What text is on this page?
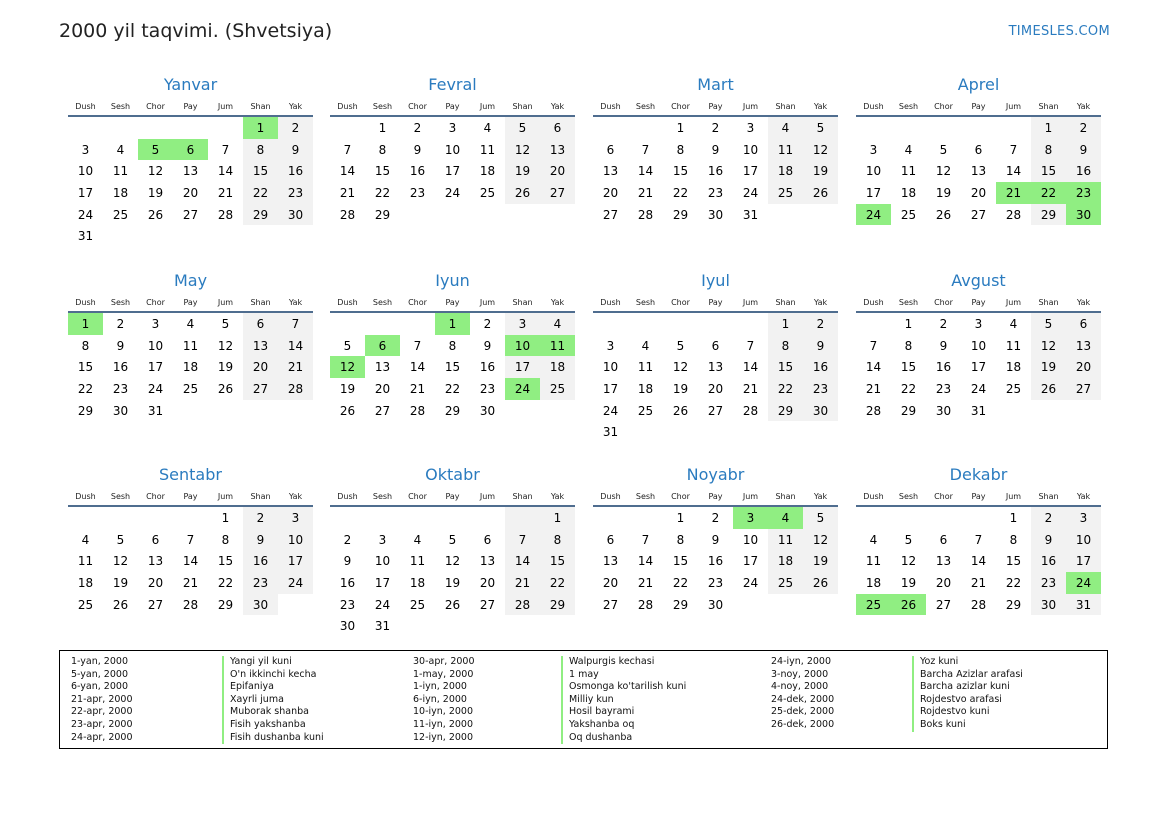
2000 yil taqvimi. (Shvetsiya)	TIMESLES.COM
Yanvar
Dush	Sesh	Chor	Pay	Jum	Shan	Yak
					1	2
3	4	5	6	7	8	9
10	11	12	13	14	15	16
17	18	19	20	21	22	23
24	25	26	27	28	29	30
31						
Fevral
Dush	Sesh	Chor	Pay	Jum	Shan	Yak
	1	2	3	4	5	6
7	8	9	10	11	12	13
14	15	16	17	18	19	20
21	22	23	24	25	26	27
28	29					
Mart
Dush	Sesh	Chor	Pay	Jum	Shan	Yak
		1	2	3	4	5
6	7	8	9	10	11	12
13	14	15	16	17	18	19
20	21	22	23	24	25	26
27	28	29	30	31		
Aprel
Dush	Sesh	Chor	Pay	Jum	Shan	Yak
					1	2
3	4	5	6	7	8	9
10	11	12	13	14	15	16
17	18	19	20	21	22	23
24	25	26	27	28	29	30
May
Dush	Sesh	Chor	Pay	Jum	Shan	Yak
1	2	3	4	5	6	7
8	9	10	11	12	13	14
15	16	17	18	19	20	21
22	23	24	25	26	27	28
29	30	31				
Iyun
Dush	Sesh	Chor	Pay	Jum	Shan	Yak
			1	2	3	4
5	6	7	8	9	10	11
12	13	14	15	16	17	18
19	20	21	22	23	24	25
26	27	28	29	30		
Iyul
Dush	Sesh	Chor	Pay	Jum	Shan	Yak
					1	2
3	4	5	6	7	8	9
10	11	12	13	14	15	16
17	18	19	20	21	22	23
24	25	26	27	28	29	30
31						
Avgust
Dush	Sesh	Chor	Pay	Jum	Shan	Yak
	1	2	3	4	5	6
7	8	9	10	11	12	13
14	15	16	17	18	19	20
21	22	23	24	25	26	27
28	29	30	31			
Sentabr
Dush	Sesh	Chor	Pay	Jum	Shan	Yak
				1	2	3
4	5	6	7	8	9	10
11	12	13	14	15	16	17
18	19	20	21	22	23	24
25	26	27	28	29	30	
Oktabr
Dush	Sesh	Chor	Pay	Jum	Shan	Yak
						1
2	3	4	5	6	7	8
9	10	11	12	13	14	15
16	17	18	19	20	21	22
23	24	25	26	27	28	29
30	31					
Noyabr
Dush	Sesh	Chor	Pay	Jum	Shan	Yak
		1	2	3	4	5
6	7	8	9	10	11	12
13	14	15	16	17	18	19
20	21	22	23	24	25	26
27	28	29	30			
Dekabr
Dush	Sesh	Chor	Pay	Jum	Shan	Yak
				1	2	3
4	5	6	7	8	9	10
11	12	13	14	15	16	17
18	19	20	21	22	23	24
25	26	27	28	29	30	31
1-yan, 2000	Yangi yil kuni
5-yan, 2000	O'n ikkinchi kecha
6-yan, 2000	Epifaniya
21-apr, 2000	Xayrli juma
22-apr, 2000	Muborak shanba
23-apr, 2000	Fisih yakshanba
24-apr, 2000	Fisih dushanba kuni
30-apr, 2000	Walpurgis kechasi
1-may, 2000	1 may
1-iyn, 2000	Osmonga ko'tarilish kuni
6-iyn, 2000	Milliy kun
10-iyn, 2000	Hosil bayrami
11-iyn, 2000	Yakshanba oq
12-iyn, 2000	Oq dushanba
24-iyn, 2000	Yoz kuni
3-noy, 2000	Barcha Azizlar arafasi
4-noy, 2000	Barcha azizlar kuni
24-dek, 2000	Rojdestvo arafasi
25-dek, 2000	Rojdestvo kuni
26-dek, 2000	Boks kuni
